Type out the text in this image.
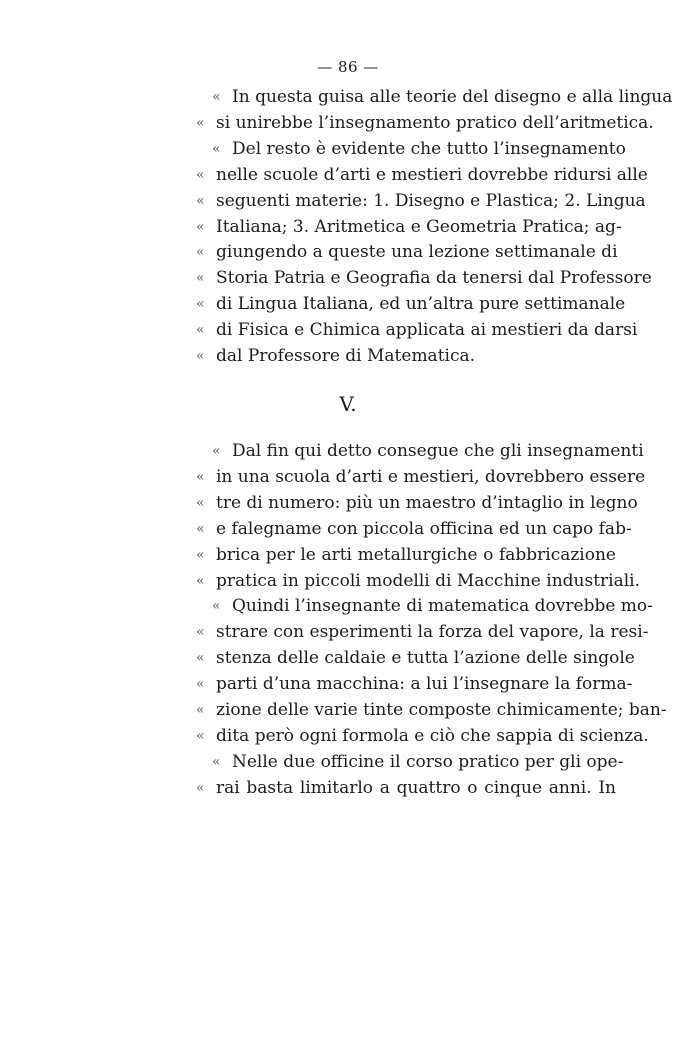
— 86 —
« In questa guisa alle teorie del disegno e alla lingua
« si unirebbe l’insegnamento pratico dell’aritmetica.
« Del resto è evidente che tutto l’insegnamento
« nelle scuole d’arti e mestieri dovrebbe ridursi alle
« seguenti materie: 1. Disegno e Plastica; 2. Lingua
« Italiana; 3. Aritmetica e Geometria Pratica; ag-
« giungendo a queste una lezione settimanale di
« Storia Patria e Geografia da tenersi dal Professore
« di Lingua Italiana, ed un’altra pure settimanale
« di Fisica e Chimica applicata ai mestieri da darsi
« dal Professore di Matematica.
V.
« Dal fin qui detto consegue che gli insegnamenti
« in una scuola d’arti e mestieri, dovrebbero essere
« tre di numero: più un maestro d’intaglio in legno
« e falegname con piccola officina ed un capo fab-
« brica per le arti metallurgiche o fabbricazione
« pratica in piccoli modelli di Macchine industriali.
« Quindi l’insegnante di matematica dovrebbe mo-
« strare con esperimenti la forza del vapore, la resi-
« stenza delle caldaie e tutta l’azione delle singole
« parti d’una macchina: a lui l’insegnare la forma-
« zione delle varie tinte composte chimicamente; ban-
« dita però ogni formola e ciò che sappia di scienza.
« Nelle due officine il corso pratico per gli ope-
« rai basta limitarlo a quattro o cinque anni. In
